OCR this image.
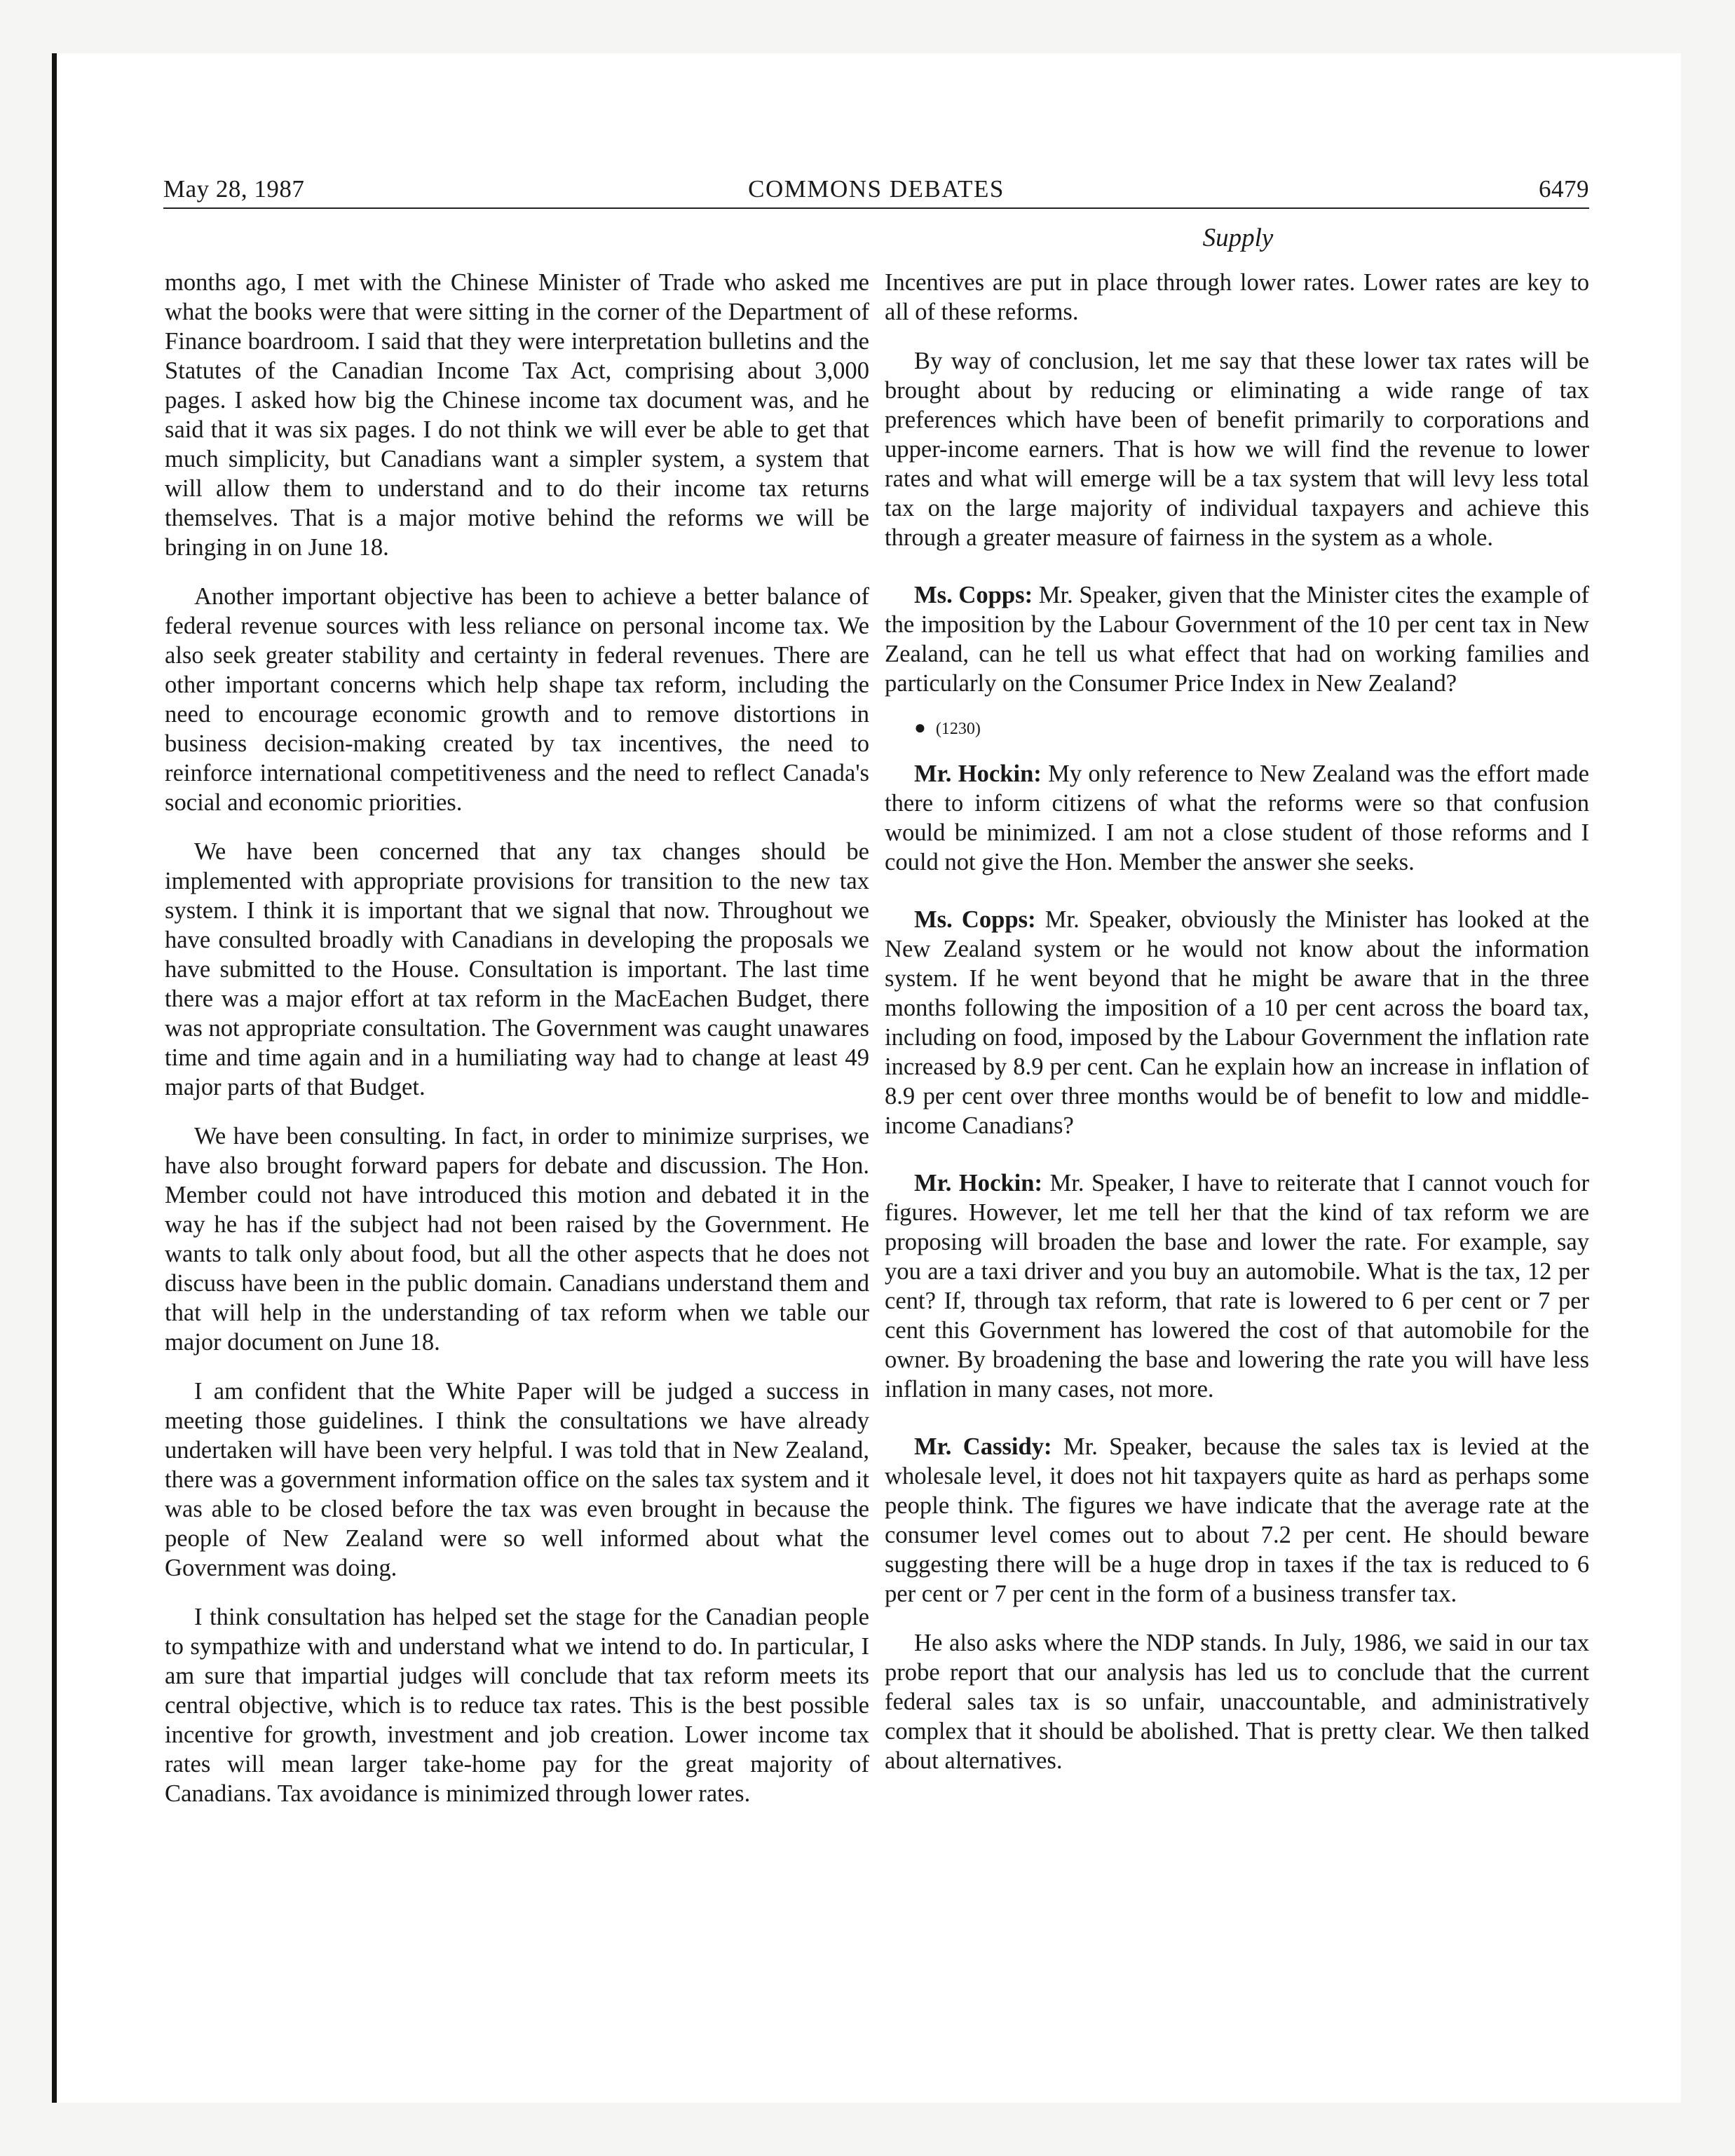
May 28, 1987	COMMONS DEBATES	6479
Supply

months ago, I met with the Chinese Minister of Trade who asked me what the books were that were sitting in the corner of the Department of Finance boardroom. I said that they were interpretation bulletins and the Statutes of the Canadian Income Tax Act, comprising about 3,000 pages. I asked how big the Chinese income tax document was, and he said that it was six pages. I do not think we will ever be able to get that much simplicity, but Canadians want a simpler system, a system that will allow them to understand and to do their income tax returns themselves. That is a major motive behind the reforms we will be bringing in on June 18.

Another important objective has been to achieve a better balance of federal revenue sources with less reliance on personal income tax. We also seek greater stability and certainty in federal revenues. There are other important concerns which help shape tax reform, including the need to encourage economic growth and to remove distortions in business decision-making created by tax incentives, the need to reinforce international competitiveness and the need to reflect Canada's social and economic priorities.

We have been concerned that any tax changes should be implemented with appropriate provisions for transition to the new tax system. I think it is important that we signal that now. Throughout we have consulted broadly with Canadians in developing the proposals we have submitted to the House. Consultation is important. The last time there was a major effort at tax reform in the MacEachen Budget, there was not appropriate consultation. The Government was caught unawares time and time again and in a humiliating way had to change at least 49 major parts of that Budget.

We have been consulting. In fact, in order to minimize surprises, we have also brought forward papers for debate and discussion. The Hon. Member could not have introduced this motion and debated it in the way he has if the subject had not been raised by the Government. He wants to talk only about food, but all the other aspects that he does not discuss have been in the public domain. Canadians understand them and that will help in the understanding of tax reform when we table our major document on June 18.

I am confident that the White Paper will be judged a success in meeting those guidelines. I think the consultations we have already undertaken will have been very helpful. I was told that in New Zealand, there was a government information office on the sales tax system and it was able to be closed before the tax was even brought in because the people of New Zealand were so well informed about what the Government was doing.

I think consultation has helped set the stage for the Canadian people to sympathize with and understand what we intend to do. In particular, I am sure that impartial judges will conclude that tax reform meets its central objective, which is to reduce tax rates. This is the best possible incentive for growth, investment and job creation. Lower income tax rates will mean larger take-home pay for the great majority of Canadians. Tax avoidance is minimized through lower rates.

Incentives are put in place through lower rates. Lower rates are key to all of these reforms.

By way of conclusion, let me say that these lower tax rates will be brought about by reducing or eliminating a wide range of tax preferences which have been of benefit primarily to corporations and upper-income earners. That is how we will find the revenue to lower rates and what will emerge will be a tax system that will levy less total tax on the large majority of individual taxpayers and achieve this through a greater measure of fairness in the system as a whole.

Ms. Copps: Mr. Speaker, given that the Minister cites the example of the imposition by the Labour Government of the 10 per cent tax in New Zealand, can he tell us what effect that had on working families and particularly on the Consumer Price Index in New Zealand?

● (1230)

Mr. Hockin: My only reference to New Zealand was the effort made there to inform citizens of what the reforms were so that confusion would be minimized. I am not a close student of those reforms and I could not give the Hon. Member the answer she seeks.

Ms. Copps: Mr. Speaker, obviously the Minister has looked at the New Zealand system or he would not know about the information system. If he went beyond that he might be aware that in the three months following the imposition of a 10 per cent across the board tax, including on food, imposed by the Labour Government the inflation rate increased by 8.9 per cent. Can he explain how an increase in inflation of 8.9 per cent over three months would be of benefit to low and middle-income Canadians?

Mr. Hockin: Mr. Speaker, I have to reiterate that I cannot vouch for figures. However, let me tell her that the kind of tax reform we are proposing will broaden the base and lower the rate. For example, say you are a taxi driver and you buy an automobile. What is the tax, 12 per cent? If, through tax reform, that rate is lowered to 6 per cent or 7 per cent this Government has lowered the cost of that automobile for the owner. By broadening the base and lowering the rate you will have less inflation in many cases, not more.

Mr. Cassidy: Mr. Speaker, because the sales tax is levied at the wholesale level, it does not hit taxpayers quite as hard as perhaps some people think. The figures we have indicate that the average rate at the consumer level comes out to about 7.2 per cent. He should beware suggesting there will be a huge drop in taxes if the tax is reduced to 6 per cent or 7 per cent in the form of a business transfer tax.

He also asks where the NDP stands. In July, 1986, we said in our tax probe report that our analysis has led us to conclude that the current federal sales tax is so unfair, unaccountable, and administratively complex that it should be abolished. That is pretty clear. We then talked about alternatives.
